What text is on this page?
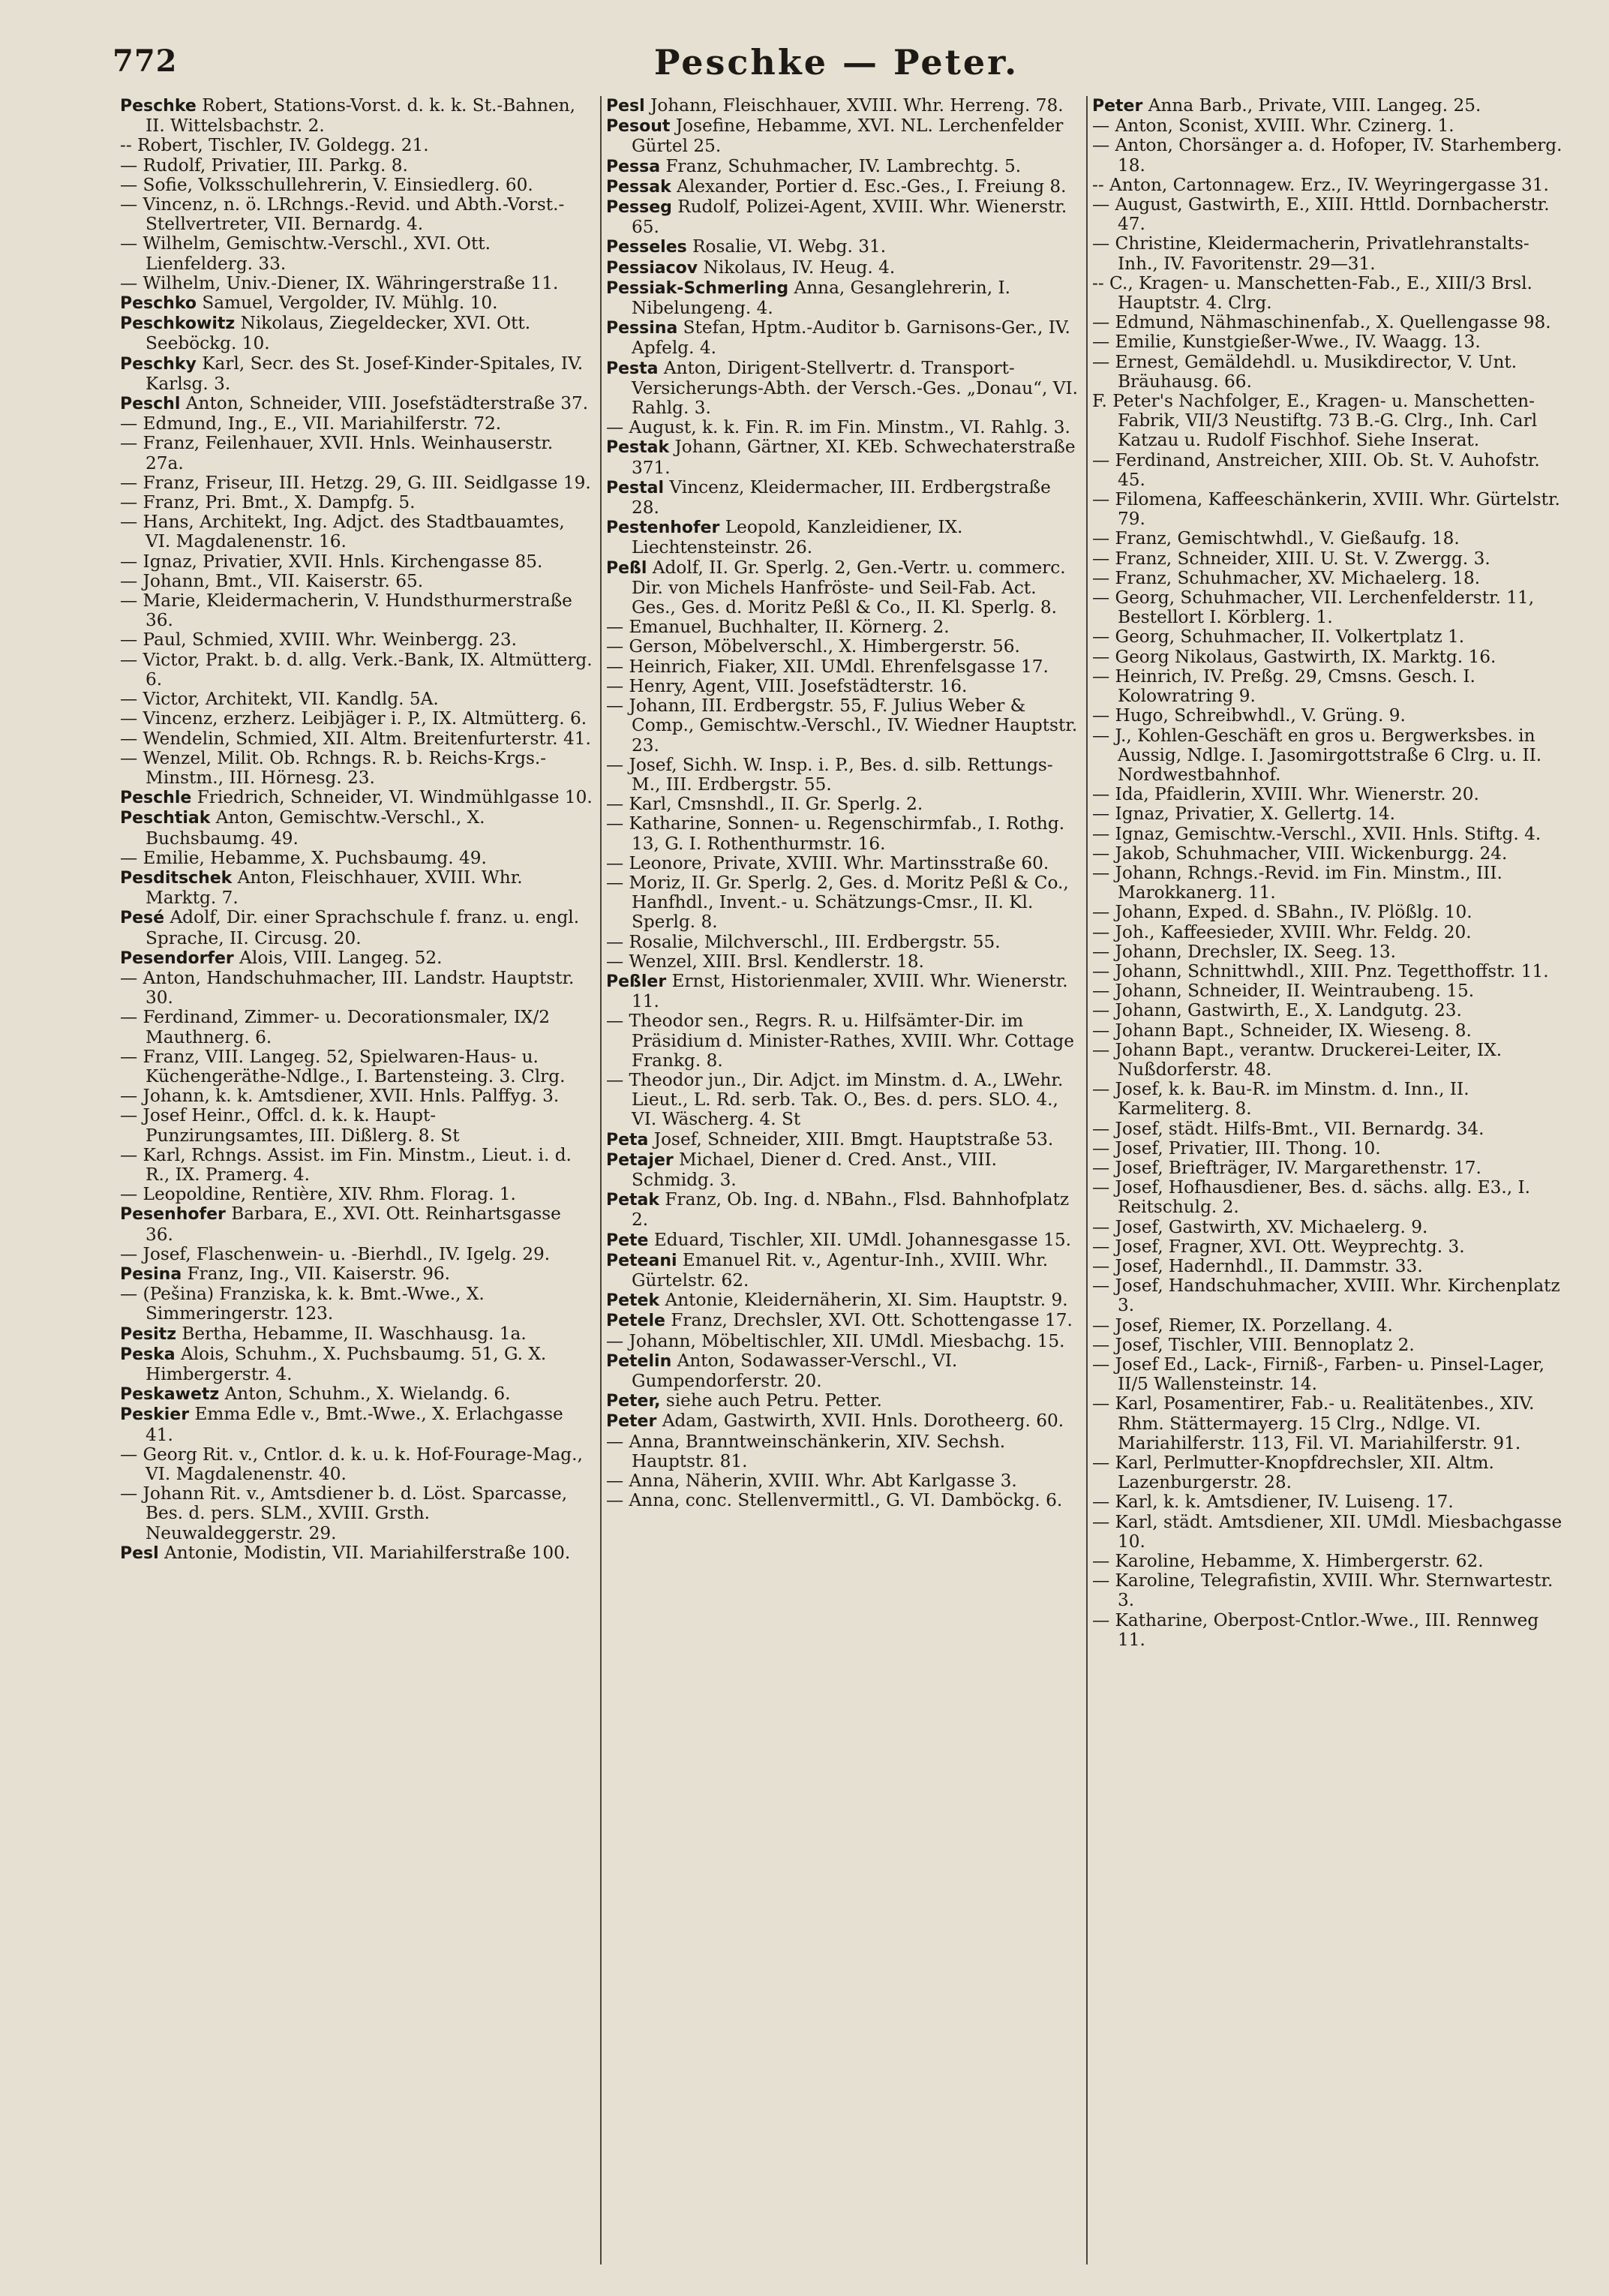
772	Peschke — Peter.

Peschke Robert, Stations-Vorst. d. k. k. St.-Bahnen, II. Wittelsbachstr. 2.

-- Robert, Tischler, IV. Goldegg. 21.

— Rudolf, Privatier, III. Parkg. 8.

— Sofie, Volksschullehrerin, V. Einsiedlerg. 60.

— Vincenz, n. ö. LRchngs.-Revid. und Abth.-Vorst.-Stellvertreter, VII. Bernardg. 4.

— Wilhelm, Gemischtw.-Verschl., XVI. Ott. Lienfelderg. 33.

— Wilhelm, Univ.-Diener, IX. Währingerstraße 11.

Peschko Samuel, Vergolder, IV. Mühlg. 10.

Peschkowitz Nikolaus, Ziegeldecker, XVI. Ott. Seeböckg. 10.

Peschky Karl, Secr. des St. Josef-Kinder-Spitales, IV. Karlsg. 3.

Peschl Anton, Schneider, VIII. Josefstädterstraße 37.

— Edmund, Ing., E., VII. Mariahilferstr. 72.

— Franz, Feilenhauer, XVII. Hnls. Weinhauserstr. 27a.

— Franz, Friseur, III. Hetzg. 29, G. III. Seidlgasse 19.

— Franz, Pri. Bmt., X. Dampfg. 5.

— Hans, Architekt, Ing. Adjct. des Stadtbauamtes, VI. Magdalenenstr. 16.

— Ignaz, Privatier, XVII. Hnls. Kirchengasse 85.

— Johann, Bmt., VII. Kaiserstr. 65.

— Marie, Kleidermacherin, V. Hundsthurmerstraße 36.

— Paul, Schmied, XVIII. Whr. Weinbergg. 23.

— Victor, Prakt. b. d. allg. Verk.-Bank, IX. Altmütterg. 6.

— Victor, Architekt, VII. Kandlg. 5A.

— Vincenz, erzherz. Leibjäger i. P., IX. Altmütterg. 6.

— Wendelin, Schmied, XII. Altm. Breitenfurterstr. 41.

— Wenzel, Milit. Ob. Rchngs. R. b. Reichs-Krgs.-Minstm., III. Hörnesg. 23.

Peschle Friedrich, Schneider, VI. Windmühlgasse 10.

Peschtiak Anton, Gemischtw.-Verschl., X. Buchsbaumg. 49.

— Emilie, Hebamme, X. Puchsbaumg. 49.

Pesditschek Anton, Fleischhauer, XVIII. Whr. Marktg. 7.

Pesé Adolf, Dir. einer Sprachschule f. franz. u. engl. Sprache, II. Circusg. 20.

Pesendorfer Alois, VIII. Langeg. 52.

— Anton, Handschuhmacher, III. Landstr. Hauptstr. 30.

— Ferdinand, Zimmer- u. Decorationsmaler, IX/2 Mauthnerg. 6.

— Franz, VIII. Langeg. 52, Spielwaren-Haus- u. Küchengeräthe-Ndlge., I. Bartensteing. 3. Clrg.

— Johann, k. k. Amtsdiener, XVII. Hnls. Palffyg. 3.

— Josef Heinr., Offcl. d. k. k. Haupt-Punzirungsamtes, III. Dißlerg. 8. St

— Karl, Rchngs. Assist. im Fin. Minstm., Lieut. i. d. R., IX. Pramerg. 4.

— Leopoldine, Rentière, XIV. Rhm. Florag. 1.

Pesenhofer Barbara, E., XVI. Ott. Reinhartsgasse 36.

— Josef, Flaschenwein- u. -Bierhdl., IV. Igelg. 29.

Pesina Franz, Ing., VII. Kaiserstr. 96.

— (Pešina) Franziska, k. k. Bmt.-Wwe., X. Simmeringerstr. 123.

Pesitz Bertha, Hebamme, II. Waschhausg. 1a.

Peska Alois, Schuhm., X. Puchsbaumg. 51, G. X. Himbergerstr. 4.

Peskawetz Anton, Schuhm., X. Wielandg. 6.

Peskier Emma Edle v., Bmt.-Wwe., X. Erlachgasse 41.

— Georg Rit. v., Cntlor. d. k. u. k. Hof-Fourage-Mag., VI. Magdalenenstr. 40.

— Johann Rit. v., Amtsdiener b. d. Löst. Sparcasse, Bes. d. pers. SLM., XVIII. Grsth. Neuwaldeggerstr. 29.

Pesl Antonie, Modistin, VII. Mariahilferstraße 100.

Pesl Johann, Fleischhauer, XVIII. Whr. Herreng. 78.

Pesout Josefine, Hebamme, XVI. NL. Lerchenfelder Gürtel 25.

Pessa Franz, Schuhmacher, IV. Lambrechtg. 5.

Pessak Alexander, Portier d. Esc.-Ges., I. Freiung 8.

Pesseg Rudolf, Polizei-Agent, XVIII. Whr. Wienerstr. 65.

Pesseles Rosalie, VI. Webg. 31.

Pessiacov Nikolaus, IV. Heug. 4.

Pessiak-Schmerling Anna, Gesanglehrerin, I. Nibelungeng. 4.

Pessina Stefan, Hptm.-Auditor b. Garnisons-Ger., IV. Apfelg. 4.

Pesta Anton, Dirigent-Stellvertr. d. Transport-Versicherungs-Abth. der Versch.-Ges. „Donau“, VI. Rahlg. 3.

— August, k. k. Fin. R. im Fin. Minstm., VI. Rahlg. 3.

Pestak Johann, Gärtner, XI. KEb. Schwechaterstraße 371.

Pestal Vincenz, Kleidermacher, III. Erdbergstraße 28.

Pestenhofer Leopold, Kanzleidiener, IX. Liechtensteinstr. 26.

Peßl Adolf, II. Gr. Sperlg. 2, Gen.-Vertr. u. commerc. Dir. von Michels Hanfröste- und Seil-Fab. Act. Ges., Ges. d. Moritz Peßl & Co., II. Kl. Sperlg. 8.

— Emanuel, Buchhalter, II. Körnerg. 2.

— Gerson, Möbelverschl., X. Himbergerstr. 56.

— Heinrich, Fiaker, XII. UMdl. Ehrenfelsgasse 17.

— Henry, Agent, VIII. Josefstädterstr. 16.

— Johann, III. Erdbergstr. 55, F. Julius Weber & Comp., Gemischtw.-Verschl., IV. Wiedner Hauptstr. 23.

— Josef, Sichh. W. Insp. i. P., Bes. d. silb. Rettungs-M., III. Erdbergstr. 55.

— Karl, Cmsnshdl., II. Gr. Sperlg. 2.

— Katharine, Sonnen- u. Regenschirmfab., I. Rothg. 13, G. I. Rothenthurmstr. 16.

— Leonore, Private, XVIII. Whr. Martinsstraße 60.

— Moriz, II. Gr. Sperlg. 2, Ges. d. Moritz Peßl & Co., Hanfhdl., Invent.- u. Schätzungs-Cmsr., II. Kl. Sperlg. 8.

— Rosalie, Milchverschl., III. Erdbergstr. 55.

— Wenzel, XIII. Brsl. Kendlerstr. 18.

Peßler Ernst, Historienmaler, XVIII. Whr. Wienerstr. 11.

— Theodor sen., Regrs. R. u. Hilfsämter-Dir. im Präsidium d. Minister-Rathes, XVIII. Whr. Cottage Frankg. 8.

— Theodor jun., Dir. Adjct. im Minstm. d. A., LWehr. Lieut., L. Rd. serb. Tak. O., Bes. d. pers. SLO. 4., VI. Wäscherg. 4. St

Peta Josef, Schneider, XIII. Bmgt. Hauptstraße 53.

Petajer Michael, Diener d. Cred. Anst., VIII. Schmidg. 3.

Petak Franz, Ob. Ing. d. NBahn., Flsd. Bahnhofplatz 2.

Pete Eduard, Tischler, XII. UMdl. Johannesgasse 15.

Peteani Emanuel Rit. v., Agentur-Inh., XVIII. Whr. Gürtelstr. 62.

Petek Antonie, Kleidernäherin, XI. Sim. Hauptstr. 9.

Petele Franz, Drechsler, XVI. Ott. Schottengasse 17.

— Johann, Möbeltischler, XII. UMdl. Miesbachg. 15.

Petelin Anton, Sodawasser-Verschl., VI. Gumpendorferstr. 20.

Peter, siehe auch Petru. Petter.

Peter Adam, Gastwirth, XVII. Hnls. Dorotheerg. 60.

— Anna, Branntweinschänkerin, XIV. Sechsh. Hauptstr. 81.

— Anna, Näherin, XVIII. Whr. Abt Karlgasse 3.

— Anna, conc. Stellenvermittl., G. VI. Damböckg. 6.

Peter Anna Barb., Private, VIII. Langeg. 25.

— Anton, Sconist, XVIII. Whr. Czinerg. 1.

— Anton, Chorsänger a. d. Hofoper, IV. Starhemberg. 18.

-- Anton, Cartonnagew. Erz., IV. Weyringergasse 31.

— August, Gastwirth, E., XIII. Httld. Dornbacherstr. 47.

— Christine, Kleidermacherin, Privatlehranstalts-Inh., IV. Favoritenstr. 29—31.

-- C., Kragen- u. Manschetten-Fab., E., XIII/3 Brsl. Hauptstr. 4. Clrg.

— Edmund, Nähmaschinenfab., X. Quellengasse 98.

— Emilie, Kunstgießer-Wwe., IV. Waagg. 13.

— Ernest, Gemäldehdl. u. Musikdirector, V. Unt. Bräuhausg. 66.

F. Peter's Nachfolger, E., Kragen- u. Manschetten-Fabrik, VII/3 Neustiftg. 73 B.-G. Clrg., Inh. Carl Katzau u. Rudolf Fischhof. Siehe Inserat.

— Ferdinand, Anstreicher, XIII. Ob. St. V. Auhofstr. 45.

— Filomena, Kaffeeschänkerin, XVIII. Whr. Gürtelstr. 79.

— Franz, Gemischtwhdl., V. Gießaufg. 18.

— Franz, Schneider, XIII. U. St. V. Zwergg. 3.

— Franz, Schuhmacher, XV. Michaelerg. 18.

— Georg, Schuhmacher, VII. Lerchenfelderstr. 11, Bestellort I. Körblerg. 1.

— Georg, Schuhmacher, II. Volkertplatz 1.

— Georg Nikolaus, Gastwirth, IX. Marktg. 16.

— Heinrich, IV. Preßg. 29, Cmsns. Gesch. I. Kolowratring 9.

— Hugo, Schreibwhdl., V. Grüng. 9.

— J., Kohlen-Geschäft en gros u. Bergwerksbes. in Aussig, Ndlge. I. Jasomirgottstraße 6 Clrg. u. II. Nordwestbahnhof.

— Ida, Pfaidlerin, XVIII. Whr. Wienerstr. 20.

— Ignaz, Privatier, X. Gellertg. 14.

— Ignaz, Gemischtw.-Verschl., XVII. Hnls. Stiftg. 4.

— Jakob, Schuhmacher, VIII. Wickenburgg. 24.

— Johann, Rchngs.-Revid. im Fin. Minstm., III. Marokkanerg. 11.

— Johann, Exped. d. SBahn., IV. Plößlg. 10.

— Joh., Kaffeesieder, XVIII. Whr. Feldg. 20.

— Johann, Drechsler, IX. Seeg. 13.

— Johann, Schnittwhdl., XIII. Pnz. Tegetthoffstr. 11.

— Johann, Schneider, II. Weintraubeng. 15.

— Johann, Gastwirth, E., X. Landgutg. 23.

— Johann Bapt., Schneider, IX. Wieseng. 8.

— Johann Bapt., verantw. Druckerei-Leiter, IX. Nußdorferstr. 48.

— Josef, k. k. Bau-R. im Minstm. d. Inn., II. Karmeliterg. 8.

— Josef, städt. Hilfs-Bmt., VII. Bernardg. 34.

— Josef, Privatier, III. Thong. 10.

— Josef, Briefträger, IV. Margarethenstr. 17.

— Josef, Hofhausdiener, Bes. d. sächs. allg. E3., I. Reitschulg. 2.

— Josef, Gastwirth, XV. Michaelerg. 9.

— Josef, Fragner, XVI. Ott. Weyprechtg. 3.

— Josef, Hadernhdl., II. Dammstr. 33.

— Josef, Handschuhmacher, XVIII. Whr. Kirchenplatz 3.

— Josef, Riemer, IX. Porzellang. 4.

— Josef, Tischler, VIII. Bennoplatz 2.

— Josef Ed., Lack-, Firniß-, Farben- u. Pinsel-Lager, II/5 Wallensteinstr. 14.

— Karl, Posamentirer, Fab.- u. Realitätenbes., XIV. Rhm. Stättermayerg. 15 Clrg., Ndlge. VI. Mariahilferstr. 113, Fil. VI. Mariahilferstr. 91.

— Karl, Perlmutter-Knopfdrechsler, XII. Altm. Lazenburgerstr. 28.

— Karl, k. k. Amtsdiener, IV. Luiseng. 17.

— Karl, städt. Amtsdiener, XII. UMdl. Miesbachgasse 10.

— Karoline, Hebamme, X. Himbergerstr. 62.

— Karoline, Telegrafistin, XVIII. Whr. Sternwartestr. 3.

— Katharine, Oberpost-Cntlor.-Wwe., III. Rennweg 11.
